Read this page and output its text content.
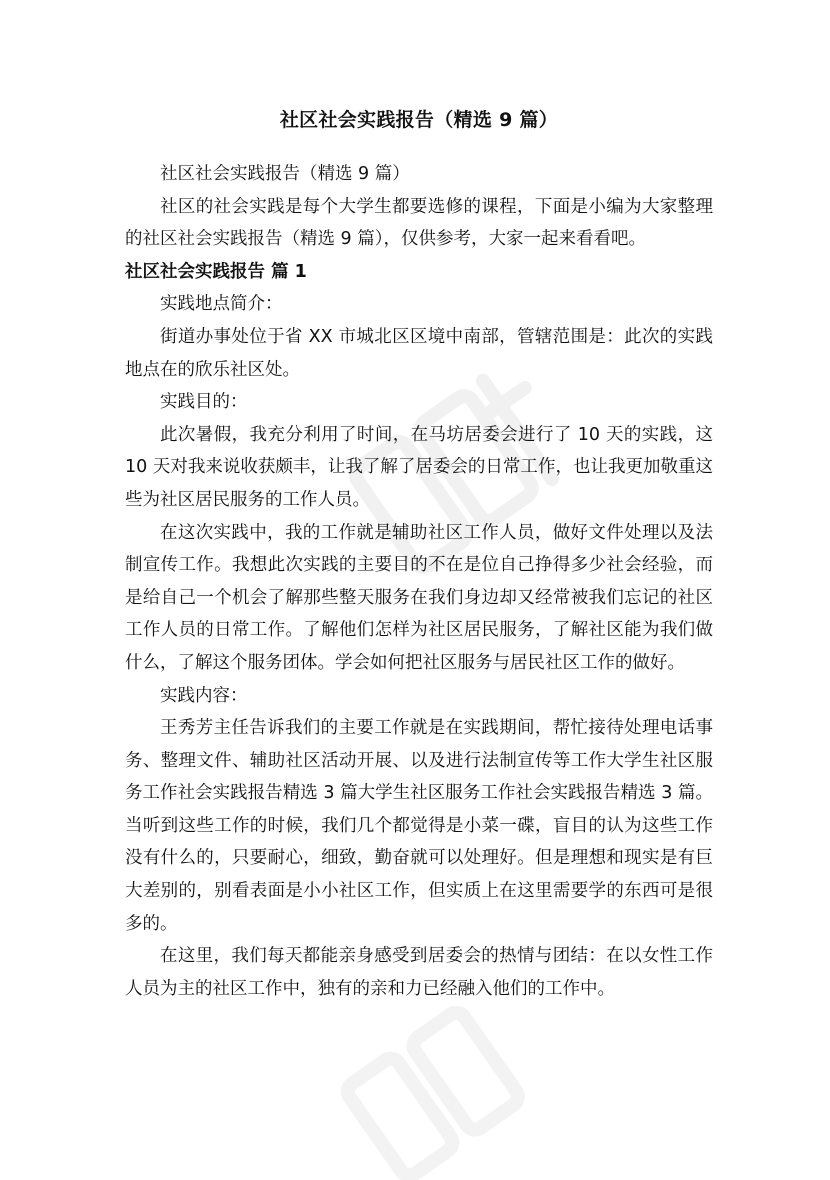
社区社会实践报告（精选 9 篇）

社区社会实践报告（精选 9 篇）

社区的社会实践是每个大学生都要选修的课程，下面是小编为大家整理的社区社会实践报告（精选 9 篇），仅供参考，大家一起来看看吧。

社区社会实践报告 篇 1

实践地点简介：

街道办事处位于省 XX 市城北区区境中南部，管辖范围是：此次的实践地点在的欣乐社区处。

实践目的：

此次暑假，我充分利用了时间，在马坊居委会进行了 10 天的实践，这 10 天对我来说收获颇丰，让我了解了居委会的日常工作，也让我更加敬重这些为社区居民服务的工作人员。

在这次实践中，我的工作就是辅助社区工作人员，做好文件处理以及法制宣传工作。我想此次实践的主要目的不在是位自己挣得多少社会经验，而是给自己一个机会了解那些整天服务在我们身边却又经常被我们忘记的社区工作人员的日常工作。了解他们怎样为社区居民服务，了解社区能为我们做什么，了解这个服务团体。学会如何把社区服务与居民社区工作的做好。

实践内容：

王秀芳主任告诉我们的主要工作就是在实践期间，帮忙接待处理电话事务、整理文件、辅助社区活动开展、以及进行法制宣传等工作大学生社区服务工作社会实践报告精选 3 篇大学生社区服务工作社会实践报告精选 3 篇。当听到这些工作的时候，我们几个都觉得是小菜一碟，盲目的认为这些工作没有什么的，只要耐心，细致，勤奋就可以处理好。但是理想和现实是有巨大差别的，别看表面是小小社区工作，但实质上在这里需要学的东西可是很多的。

在这里，我们每天都能亲身感受到居委会的热情与团结：在以女性工作人员为主的社区工作中，独有的亲和力已经融入他们的工作中。
